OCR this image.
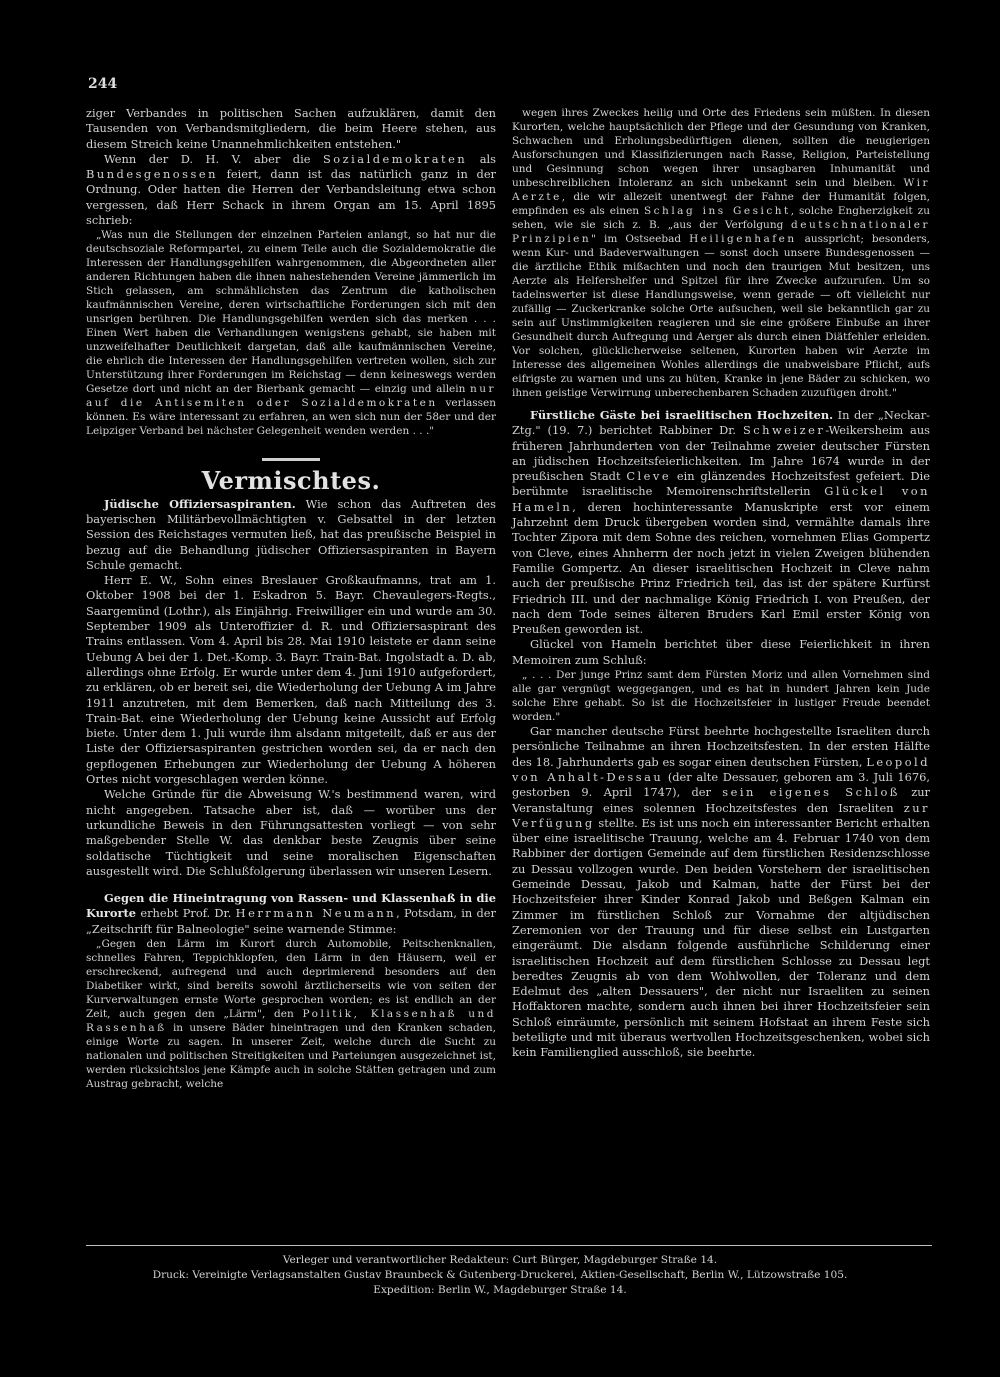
244

ziger Verbandes in politischen Sachen aufzuklären, damit den Tausenden von Verbandsmitgliedern, die beim Heere stehen, aus diesem Streich keine Unannehmlichkeiten entstehen."

Wenn der D. H. V. aber die Sozialdemokraten als Bundesgenossen feiert, dann ist das natürlich ganz in der Ordnung. Oder hatten die Herren der Verbandsleitung etwa schon vergessen, daß Herr Schack in ihrem Organ am 15. April 1895 schrieb:

„Was nun die Stellungen der einzelnen Parteien anlangt, so hat nur die deutschsoziale Reformpartei, zu einem Teile auch die Sozialdemokratie die Interessen der Handlungsgehilfen wahrgenommen, die Abgeordneten aller anderen Richtungen haben die ihnen nahestehenden Vereine jämmerlich im Stich gelassen, am schmählichsten das Zentrum die katholischen kaufmännischen Vereine, deren wirtschaftliche Forderungen sich mit den unsrigen berühren. Die Handlungsgehilfen werden sich das merken . . . Einen Wert haben die Verhandlungen wenigstens gehabt, sie haben mit unzweifelhafter Deutlichkeit dargetan, daß alle kaufmännischen Vereine, die ehrlich die Interessen der Handlungsgehilfen vertreten wollen, sich zur Unterstützung ihrer Forderungen im Reichstag — denn keineswegs werden Gesetze dort und nicht an der Bierbank gemacht — einzig und allein nur auf die Antisemiten oder Sozialdemokraten verlassen können. Es wäre interessant zu erfahren, an wen sich nun der 58er und der Leipziger Verband bei nächster Gelegenheit wenden werden . . ."

Vermischtes.

Jüdische Offiziersaspiranten. Wie schon das Auftreten des bayerischen Militärbevollmächtigten v. Gebsattel in der letzten Session des Reichstages vermuten ließ, hat das preußische Beispiel in bezug auf die Behandlung jüdischer Offiziersaspiranten in Bayern Schule gemacht.

Herr E. W., Sohn eines Breslauer Großkaufmanns, trat am 1. Oktober 1908 bei der 1. Eskadron 5. Bayr. Chevaulegers-Regts., Saargemünd (Lothr.), als Einjährig. Freiwilliger ein und wurde am 30. September 1909 als Unteroffizier d. R. und Offiziersaspirant des Trains entlassen. Vom 4. April bis 28. Mai 1910 leistete er dann seine Uebung A bei der 1. Det.-Komp. 3. Bayr. Train-Bat. Ingolstadt a. D. ab, allerdings ohne Erfolg. Er wurde unter dem 4. Juni 1910 aufgefordert, zu erklären, ob er bereit sei, die Wiederholung der Uebung A im Jahre 1911 anzutreten, mit dem Bemerken, daß nach Mitteilung des 3. Train-Bat. eine Wiederholung der Uebung keine Aussicht auf Erfolg biete. Unter dem 1. Juli wurde ihm alsdann mitgeteilt, daß er aus der Liste der Offiziersaspiranten gestrichen worden sei, da er nach den gepflogenen Erhebungen zur Wiederholung der Uebung A höheren Ortes nicht vorgeschlagen werden könne.

Welche Gründe für die Abweisung W.'s bestimmend waren, wird nicht angegeben. Tatsache aber ist, daß — worüber uns der urkundliche Beweis in den Führungsattesten vorliegt — von sehr maßgebender Stelle W. das denkbar beste Zeugnis über seine soldatische Tüchtigkeit und seine moralischen Eigenschaften ausgestellt wird. Die Schlußfolgerung überlassen wir unseren Lesern.

Gegen die Hineintragung von Rassen- und Klassenhaß in die Kurorte erhebt Prof. Dr. Herrmann Neumann, Potsdam, in der „Zeitschrift für Balneologie" seine warnende Stimme:

„Gegen den Lärm im Kurort durch Automobile, Peitschenknallen, schnelles Fahren, Teppichklopfen, den Lärm in den Häusern, weil er erschreckend, aufregend und auch deprimierend besonders auf den Diabetiker wirkt, sind bereits sowohl ärztlicherseits wie von seiten der Kurverwaltungen ernste Worte gesprochen worden; es ist endlich an der Zeit, auch gegen den „Lärm", den Politik, Klassenhaß und Rassenhaß in unsere Bäder hineintragen und den Kranken schaden, einige Worte zu sagen. In unserer Zeit, welche durch die Sucht zu nationalen und politischen Streitigkeiten und Parteiungen ausgezeichnet ist, werden rücksichtslos jene Kämpfe auch in solche Stätten getragen und zum Austrag gebracht, welche

wegen ihres Zweckes heilig und Orte des Friedens sein müßten. In diesen Kurorten, welche hauptsächlich der Pflege und der Gesundung von Kranken, Schwachen und Erholungsbedürftigen dienen, sollten die neugierigen Ausforschungen und Klassifizierungen nach Rasse, Religion, Parteistellung und Gesinnung schon wegen ihrer unsagbaren Inhumanität und unbeschreiblichen Intoleranz an sich unbekannt sein und bleiben. Wir Aerzte, die wir allezeit unentwegt der Fahne der Humanität folgen, empfinden es als einen Schlag ins Gesicht, solche Engherzigkeit zu sehen, wie sie sich z. B. „aus der Verfolgung deutschnationaler Prinzipien" im Ostseebad Heiligenhafen ausspricht; besonders, wenn Kur- und Badeverwaltungen — sonst doch unsere Bundesgenossen — die ärztliche Ethik mißachten und noch den traurigen Mut besitzen, uns Aerzte als Helfershelfer und Spitzel für ihre Zwecke aufzurufen. Um so tadelnswerter ist diese Handlungsweise, wenn gerade — oft vielleicht nur zufällig — Zuckerkranke solche Orte aufsuchen, weil sie bekanntlich gar zu sein auf Unstimmigkeiten reagieren und sie eine größere Einbuße an ihrer Gesundheit durch Aufregung und Aerger als durch einen Diätfehler erleiden. Vor solchen, glücklicherweise seltenen, Kurorten haben wir Aerzte im Interesse des allgemeinen Wohles allerdings die unabweisbare Pflicht, aufs eifrigste zu warnen und uns zu hüten, Kranke in jene Bäder zu schicken, wo ihnen geistige Verwirrung unberechenbaren Schaden zuzufügen droht."

Fürstliche Gäste bei israelitischen Hochzeiten. In der „Neckar-Ztg." (19. 7.) berichtet Rabbiner Dr. Schweizer-Weikersheim aus früheren Jahrhunderten von der Teilnahme zweier deutscher Fürsten an jüdischen Hochzeitsfeierlichkeiten. Im Jahre 1674 wurde in der preußischen Stadt Cleve ein glänzendes Hochzeitsfest gefeiert. Die berühmte israelitische Memoirenschriftstellerin Glückel von Hameln, deren hochinteressante Manuskripte erst vor einem Jahrzehnt dem Druck übergeben worden sind, vermählte damals ihre Tochter Zipora mit dem Sohne des reichen, vornehmen Elias Gompertz von Cleve, eines Ahnherrn der noch jetzt in vielen Zweigen blühenden Familie Gompertz. An dieser israelitischen Hochzeit in Cleve nahm auch der preußische Prinz Friedrich teil, das ist der spätere Kurfürst Friedrich III. und der nachmalige König Friedrich I. von Preußen, der nach dem Tode seines älteren Bruders Karl Emil erster König von Preußen geworden ist.

Glückel von Hameln berichtet über diese Feierlichkeit in ihren Memoiren zum Schluß:

„ . . . Der junge Prinz samt dem Fürsten Moriz und allen Vornehmen sind alle gar vergnügt weggegangen, und es hat in hundert Jahren kein Jude solche Ehre gehabt. So ist die Hochzeitsfeier in lustiger Freude beendet worden."

Gar mancher deutsche Fürst beehrte hochgestellte Israeliten durch persönliche Teilnahme an ihren Hochzeitsfesten. In der ersten Hälfte des 18. Jahrhunderts gab es sogar einen deutschen Fürsten, Leopold von Anhalt-Dessau (der alte Dessauer, geboren am 3. Juli 1676, gestorben 9. April 1747), der sein eigenes Schloß zur Veranstaltung eines solennen Hochzeitsfestes den Israeliten zur Verfügung stellte. Es ist uns noch ein interessanter Bericht erhalten über eine israelitische Trauung, welche am 4. Februar 1740 von dem Rabbiner der dortigen Gemeinde auf dem fürstlichen Residenzschlosse zu Dessau vollzogen wurde. Den beiden Vorstehern der israelitischen Gemeinde Dessau, Jakob und Kalman, hatte der Fürst bei der Hochzeitsfeier ihrer Kinder Konrad Jakob und Beßgen Kalman ein Zimmer im fürstlichen Schloß zur Vornahme der altjüdischen Zeremonien vor der Trauung und für diese selbst ein Lustgarten eingeräumt. Die alsdann folgende ausführliche Schilderung einer israelitischen Hochzeit auf dem fürstlichen Schlosse zu Dessau legt beredtes Zeugnis ab von dem Wohlwollen, der Toleranz und dem Edelmut des „alten Dessauers", der nicht nur Israeliten zu seinen Hoffaktoren machte, sondern auch ihnen bei ihrer Hochzeitsfeier sein Schloß einräumte, persönlich mit seinem Hofstaat an ihrem Feste sich beteiligte und mit überaus wertvollen Hochzeitsgeschenken, wobei sich kein Familienglied ausschloß, sie beehrte.

Verleger und verantwortlicher Redakteur: Curt Bürger, Magdeburger Straße 14.
Druck: Vereinigte Verlagsanstalten Gustav Braunbeck & Gutenberg-Druckerei, Aktien-Gesellschaft, Berlin W., Lützowstraße 105.
Expedition: Berlin W., Magdeburger Straße 14.
